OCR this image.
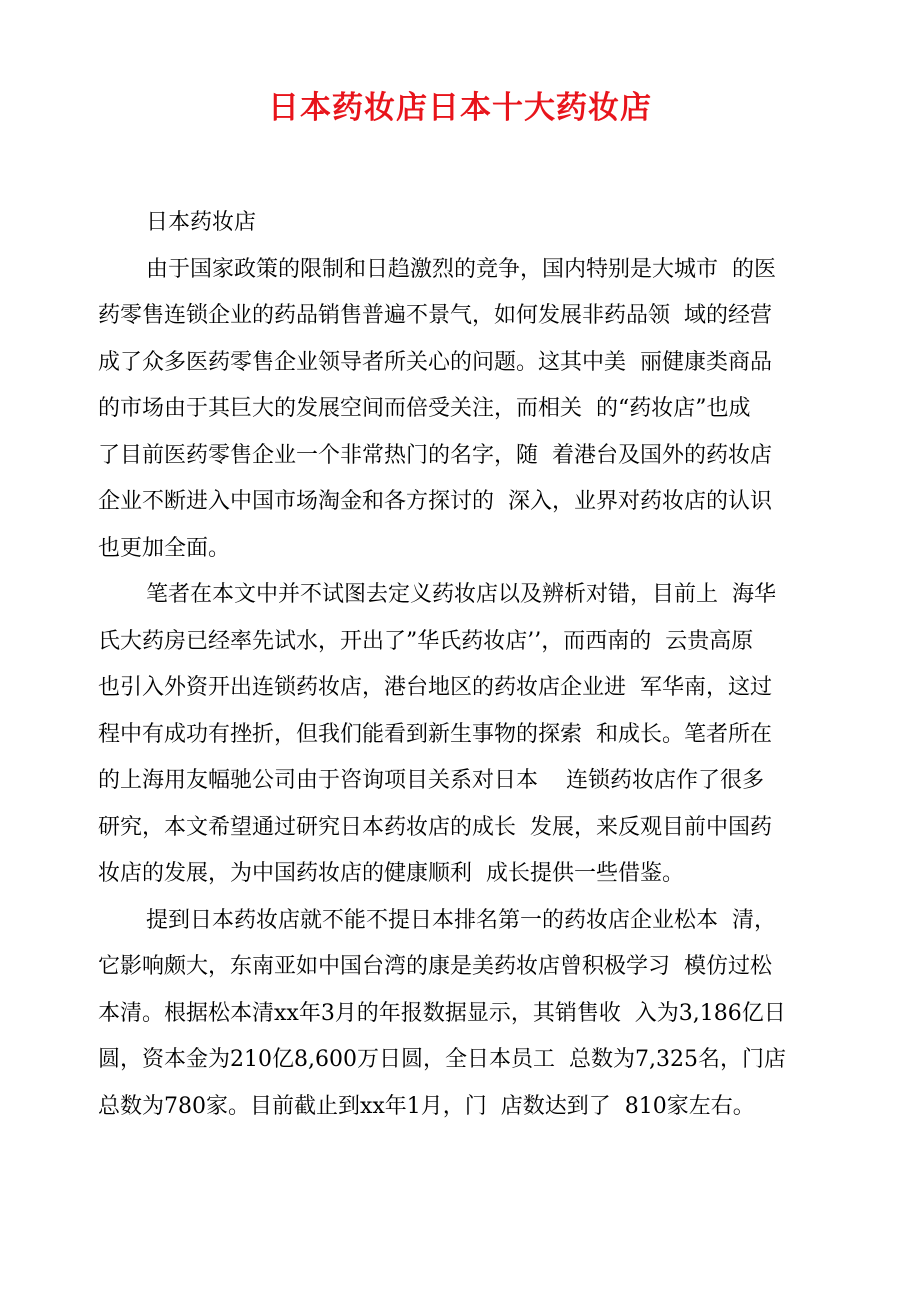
日本药妆店日本十大药妆店
日本药妆店
由于国家政策的限制和日趋激烈的竞争，国内特别是大城市  的医
药零售连锁企业的药品销售普遍不景气，如何发展非药品领  域的经营
成了众多医药零售企业领导者所关心的问题。这其中美  丽健康类商品
的市场由于其巨大的发展空间而倍受关注，而相关  的“药妆店”也成
了目前医药零售企业一个非常热门的名字，随  着港台及国外的药妆店
企业不断进入中国市场淘金和各方探讨的  深入，业界对药妆店的认识
也更加全面。
笔者在本文中并不试图去定义药妆店以及辨析对错，目前上  海华
氏大药房已经率先试水，开出了”华氏药妆店’’，而西南的  云贵高原
也引入外资开出连锁药妆店，港台地区的药妆店企业进  军华南，这过
程中有成功有挫折，但我们能看到新生事物的探索  和成长。笔者所在
的上海用友幅驰公司由于咨询项目关系对日本    连锁药妆店作了很多
研究，本文希望通过研究日本药妆店的成长  发展，来反观目前中国药
妆店的发展，为中国药妆店的健康顺利  成长提供一些借鉴。
提到日本药妆店就不能不提日本排名第一的药妆店企业松本  清，
它影响颇大，东南亚如中国台湾的康是美药妆店曾积极学习  模仿过松
本清。根据松本清xx年3月的年报数据显示，其销售收  入为3,186亿日
圆，资本金为210亿8,600万日圆，全日本员工  总数为7,325名，门店
总数为780家。目前截止到xx年1月，门  店数达到了  810家左右。
